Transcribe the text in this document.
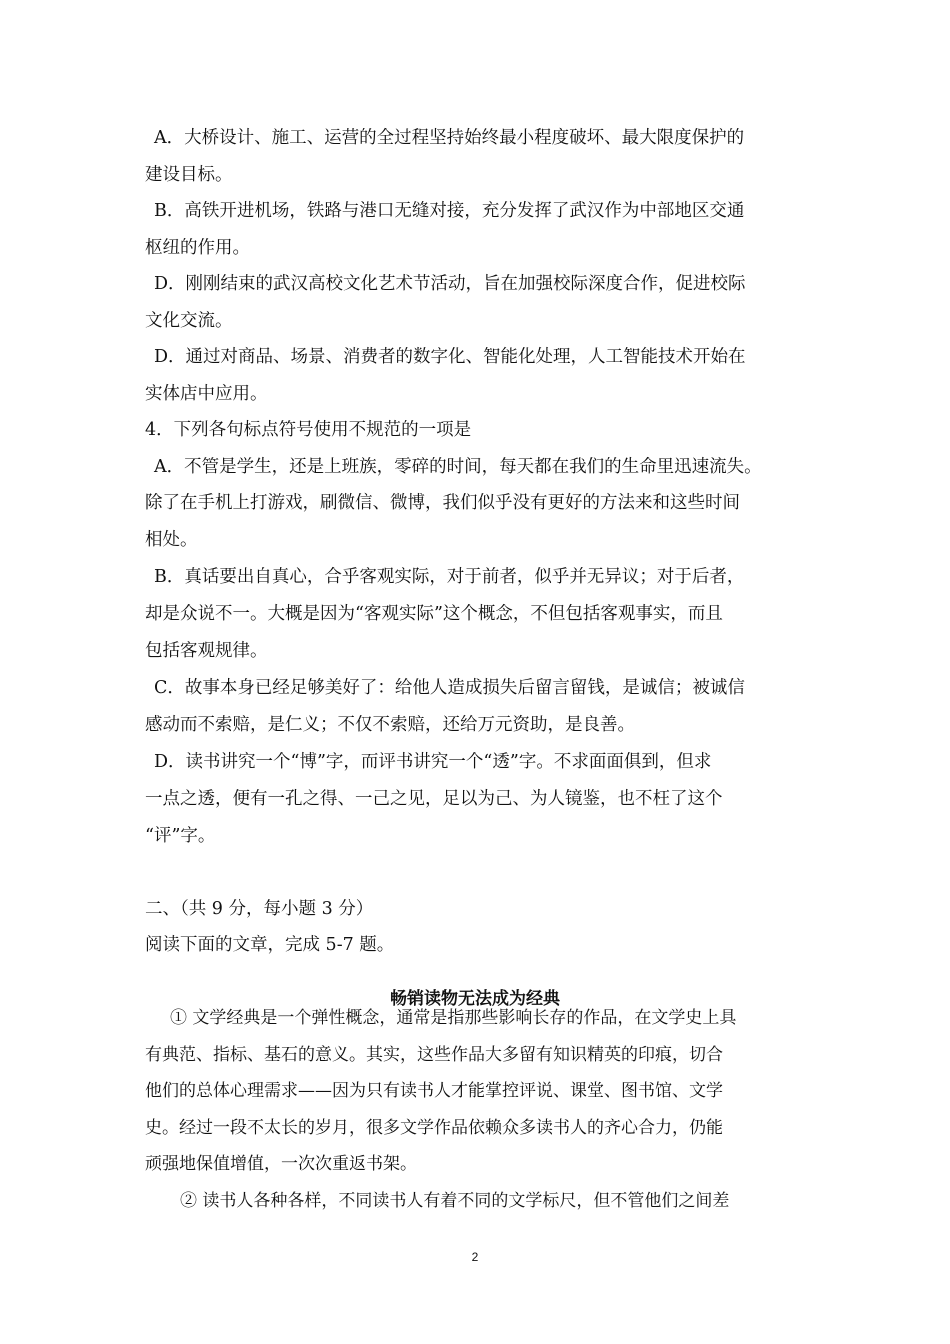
A．大桥设计、施工、运营的全过程坚持始终最小程度破坏、最大限度保护的

建设目标。

B．高铁开进机场，铁路与港口无缝对接，充分发挥了武汉作为中部地区交通

枢纽的作用。

D．刚刚结束的武汉高校文化艺术节活动，旨在加强校际深度合作，促进校际

文化交流。

D．通过对商品、场景、消费者的数字化、智能化处理，人工智能技术开始在

实体店中应用。

4．下列各句标点符号使用不规范的一项是

A．不管是学生，还是上班族，零碎的时间，每天都在我们的生命里迅速流失。

除了在手机上打游戏，刷微信、微博，我们似乎没有更好的方法来和这些时间

相处。

B．真话要出自真心，合乎客观实际，对于前者，似乎并无异议；对于后者，

却是众说不一。大概是因为“客观实际”这个概念，不但包括客观事实，而且

包括客观规律。

C．故事本身已经足够美好了：给他人造成损失后留言留钱，是诚信；被诚信

感动而不索赔，是仁义；不仅不索赔，还给万元资助，是良善。

D．读书讲究一个“博”字，而评书讲究一个“透”字。不求面面俱到，但求

一点之透，便有一孔之得、一己之见，足以为己、为人镜鉴，也不枉了这个

“评”字。

二、（共 9 分，每小题 3 分）

阅读下面的文章，完成 5-7 题。

畅销读物无法成为经典

① 文学经典是一个弹性概念，通常是指那些影响长存的作品，在文学史上具

有典范、指标、基石的意义。其实，这些作品大多留有知识精英的印痕，切合

他们的总体心理需求——因为只有读书人才能掌控评说、课堂、图书馆、文学

史。经过一段不太长的岁月，很多文学作品依赖众多读书人的齐心合力，仍能

顽强地保值增值，一次次重返书架。

② 读书人各种各样，不同读书人有着不同的文学标尺，但不管他们之间差

2
